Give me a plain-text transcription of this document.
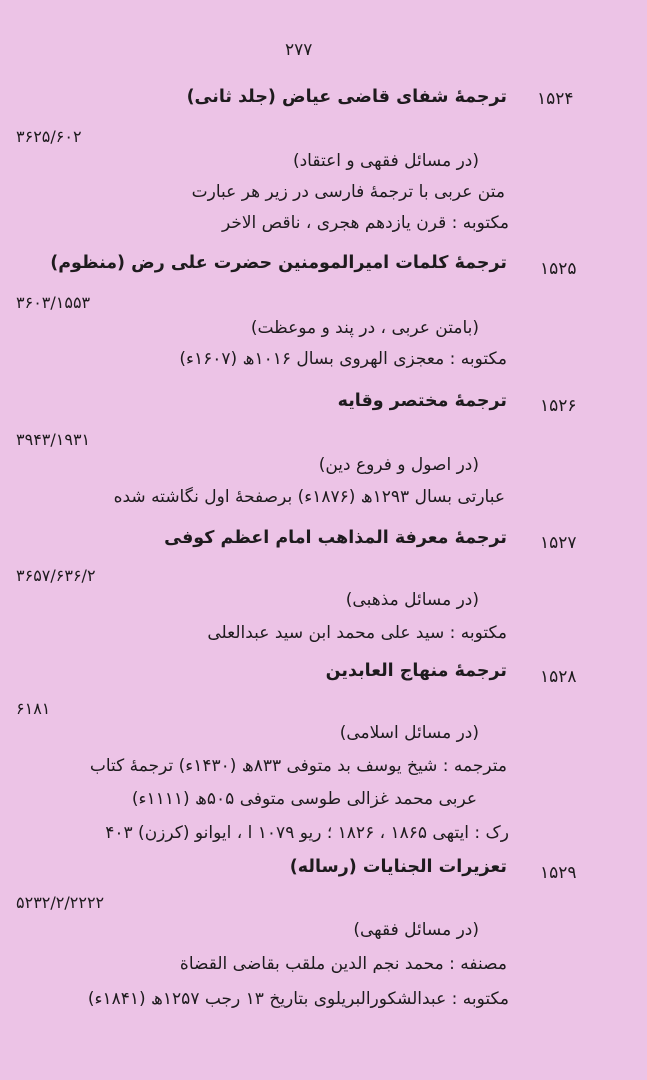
۲۷۷
ترجمهٔ شفای قاضی عیاض (جلد ثانی) ۱۵۲۴
۳۶۲۵/۶۰۲
(در مسائل فقهی و اعتقاد)
متن عربی با ترجمهٔ فارسی در زیر هر عبارت
مکتوبه : قرن یازدهم هجری ، ناقص الاخر
ترجمهٔ کلمات امیرالمومنین حضرت علی رض (منظوم) ۱۵۲۵
۳۶۰۳/۱۵۵۳
(بامتن عربی ، در پند و موعظت)
مکتوبه : معجزی الهروی بسال ۱۰۱۶ھ (۱۶۰۷ء)
ترجمهٔ مختصر وقایه ۱۵۲۶
۳۹۴۳/۱۹۳۱
(در اصول و فروع دین)
عبارتی بسال ۱۲۹۳ھ (۱۸۷۶ء) برصفحهٔ اول نگاشته شده
ترجمهٔ معرفة المذاهب امام اعظم کوفی ۱۵۲۷
۳۶۵۷/۶۳۶/۲
(در مسائل مذهبی)
مکتوبه : سید علی محمد ابن سید عبدالعلی
ترجمهٔ منهاج العابدین ۱۵۲۸
۶۱۸۱
(در مسائل اسلامی)
مترجمه : شیخ یوسف بد متوفی ۸۳۳ھ (۱۴۳۰ء) ترجمهٔ کتاب
عربی محمد غزالی طوسی متوفی ۵۰۵ھ (۱۱۱۱ء)
رک : ایتهی ۱۸۶۵ ، ۱۸۲۶ ؛ ریو ۱۰۷۹ ا ، ایوانو (کرزن) ۴۰۳
تعزیرات الجنایات (رساله) ۱۵۲۹
۵۲۳۲/۲/۲۲۲۲
(در مسائل فقهی)
مصنفه : محمد نجم الدین ملقب بقاضی القضاة
مکتوبه : عبدالشکورالبریلوی بتاریخ ۱۳ رجب ۱۲۵۷ھ (۱۸۴۱ء)
